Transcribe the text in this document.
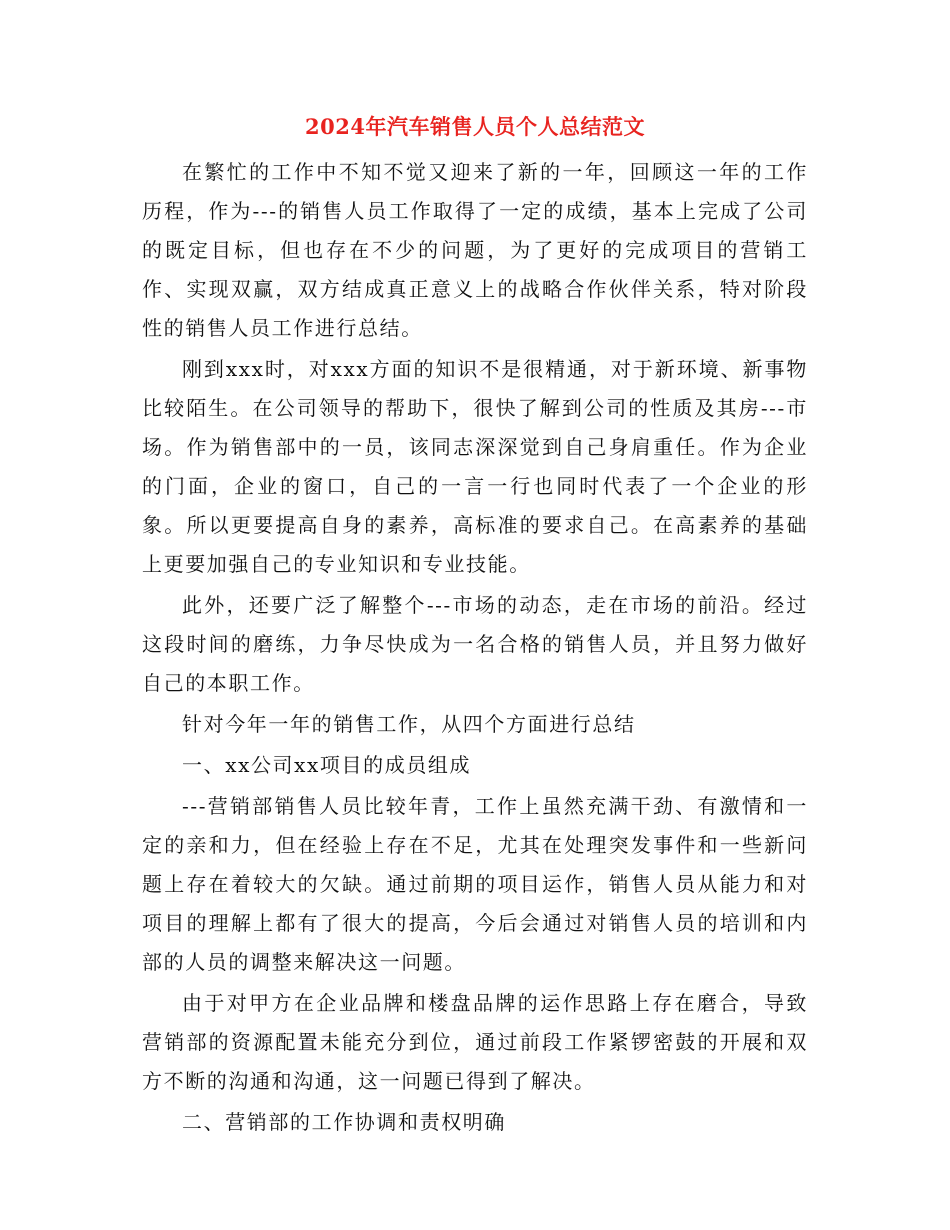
2024年汽车销售人员个人总结范文

在繁忙的工作中不知不觉又迎来了新的一年，回顾这一年的工作历程，作为---的销售人员工作取得了一定的成绩，基本上完成了公司的既定目标，但也存在不少的问题，为了更好的完成项目的营销工作、实现双赢，双方结成真正意义上的战略合作伙伴关系，特对阶段性的销售人员工作进行总结。

刚到xxx时，对xxx方面的知识不是很精通，对于新环境、新事物比较陌生。在公司领导的帮助下，很快了解到公司的性质及其房---市场。作为销售部中的一员，该同志深深觉到自己身肩重任。作为企业的门面，企业的窗口，自己的一言一行也同时代表了一个企业的形象。所以更要提高自身的素养，高标准的要求自己。在高素养的基础上更要加强自己的专业知识和专业技能。

此外，还要广泛了解整个---市场的动态，走在市场的前沿。经过这段时间的磨练，力争尽快成为一名合格的销售人员，并且努力做好自己的本职工作。

针对今年一年的销售工作，从四个方面进行总结

一、xx公司xx项目的成员组成

---营销部销售人员比较年青，工作上虽然充满干劲、有激情和一定的亲和力，但在经验上存在不足，尤其在处理突发事件和一些新问题上存在着较大的欠缺。通过前期的项目运作，销售人员从能力和对项目的理解上都有了很大的提高，今后会通过对销售人员的培训和内部的人员的调整来解决这一问题。

由于对甲方在企业品牌和楼盘品牌的运作思路上存在磨合，导致营销部的资源配置未能充分到位，通过前段工作紧锣密鼓的开展和双方不断的沟通和沟通，这一问题已得到了解决。

二、营销部的工作协调和责权明确
